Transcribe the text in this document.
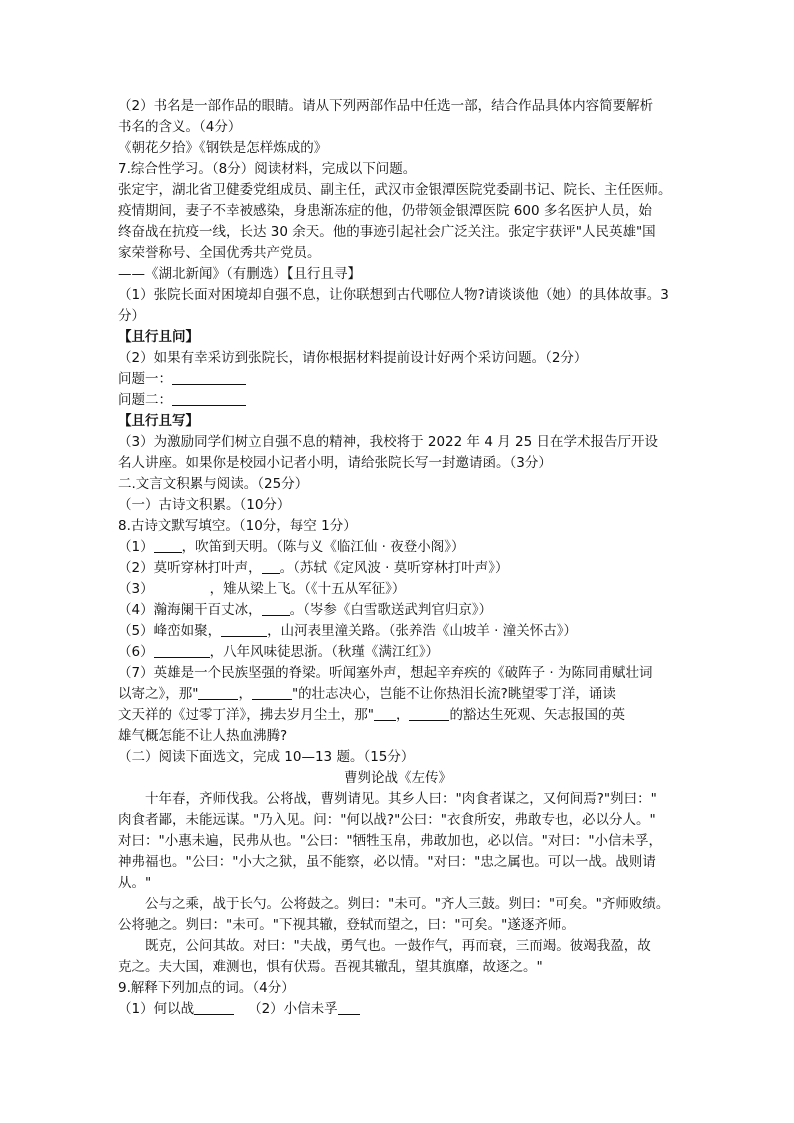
（2）书名是一部作品的眼睛。请从下列两部作品中任选一部，结合作品具体内容简要解析

书名的含义。（4分）

《朝花夕拾》《钢铁是怎样炼成的》

7.综合性学习。（8分）阅读材料，完成以下问题。

张定宇，湖北省卫健委党组成员、副主任，武汉市金银潭医院党委副书记、院长、主任医师。

疫情期间，妻子不幸被感染，身患渐冻症的他，仍带领金银潭医院 600 多名医护人员，始

终奋战在抗疫一线，长达 30 余天。他的事迹引起社会广泛关注。张定宇获评"人民英雄"国

家荣誉称号、全国优秀共产党员。

——《湖北新闻》（有删选）【且行且寻】

（1）张院长面对困境却自强不息，让你联想到古代哪位人物?请谈谈他（她）的具体故事。3

分）

【且行且问】

（2）如果有幸采访到张院长，请你根据材料提前设计好两个采访问题。（2分）

问题一：

问题二：

【且行且写】

（3）为激励同学们树立自强不息的精神，我校将于 2022 年 4 月 25 日在学术报告厅开设

名人讲座。如果你是校园小记者小明，请给张院长写一封邀请函。（3分）

二.文言文积累与阅读。（25分）

（一）古诗文积累。（10分）

8.古诗文默写填空。（10分，每空 1分）

（1） ，吹笛到天明。（陈与义《临江仙 · 夜登小阁》）

（2）莫听穿林打叶声， 。（苏轼《定风波 · 莫听穿林打叶声》）

（3）	，雉从梁上飞。（《十五从军征》）

（4）瀚海阑干百丈冰， 。（岑参《白雪歌送武判官归京》）

（5）峰峦如聚，	，山河表里潼关路。（张养浩《山坡羊 · 潼关怀古》）

（6）	，八年风味徒思浙。（秋瑾《满江红》）

（7）英雄是一个民族坚强的脊梁。听闻塞外声，想起辛弃疾的《破阵子 · 为陈同甫赋壮词

以寄之》，那"	，	"的壮志决心，岂能不让你热泪长流?眺望零丁洋，诵读

文天祥的《过零丁洋》，拂去岁月尘土，那" ，	的豁达生死观、矢志报国的英

雄气概怎能不让人热血沸腾?

（二）阅读下面选文，完成 10—13 题。（15分）

曹刿论战《左传》

十年春，齐师伐我。公将战，曹刿请见。其乡人曰："肉食者谋之，又何间焉?"刿曰："

肉食者鄙，未能远谋。"乃入见。问："何以战?"公曰："衣食所安，弗敢专也，必以分人。"

对曰："小惠未遍，民弗从也。"公曰："牺牲玉帛，弗敢加也，必以信。"对曰："小信未孚，

神弗福也。"公曰："小大之狱，虽不能察，必以情。"对曰："忠之属也。可以一战。战则请

从。"

公与之乘，战于长勺。公将鼓之。刿曰："未可。"齐人三鼓。刿曰："可矣。"齐师败绩。

公将驰之。刿曰："未可。"下视其辙，登轼而望之，曰："可矣。"遂逐齐师。

既克，公问其故。对曰："夫战，勇气也。一鼓作气，再而衰，三而竭。彼竭我盈，故

克之。夫大国，难测也，惧有伏焉。吾视其辙乱，望其旗靡，故逐之。"

9.解释下列加点的词。（4分）

（1）何以战	（2）小信未孚
